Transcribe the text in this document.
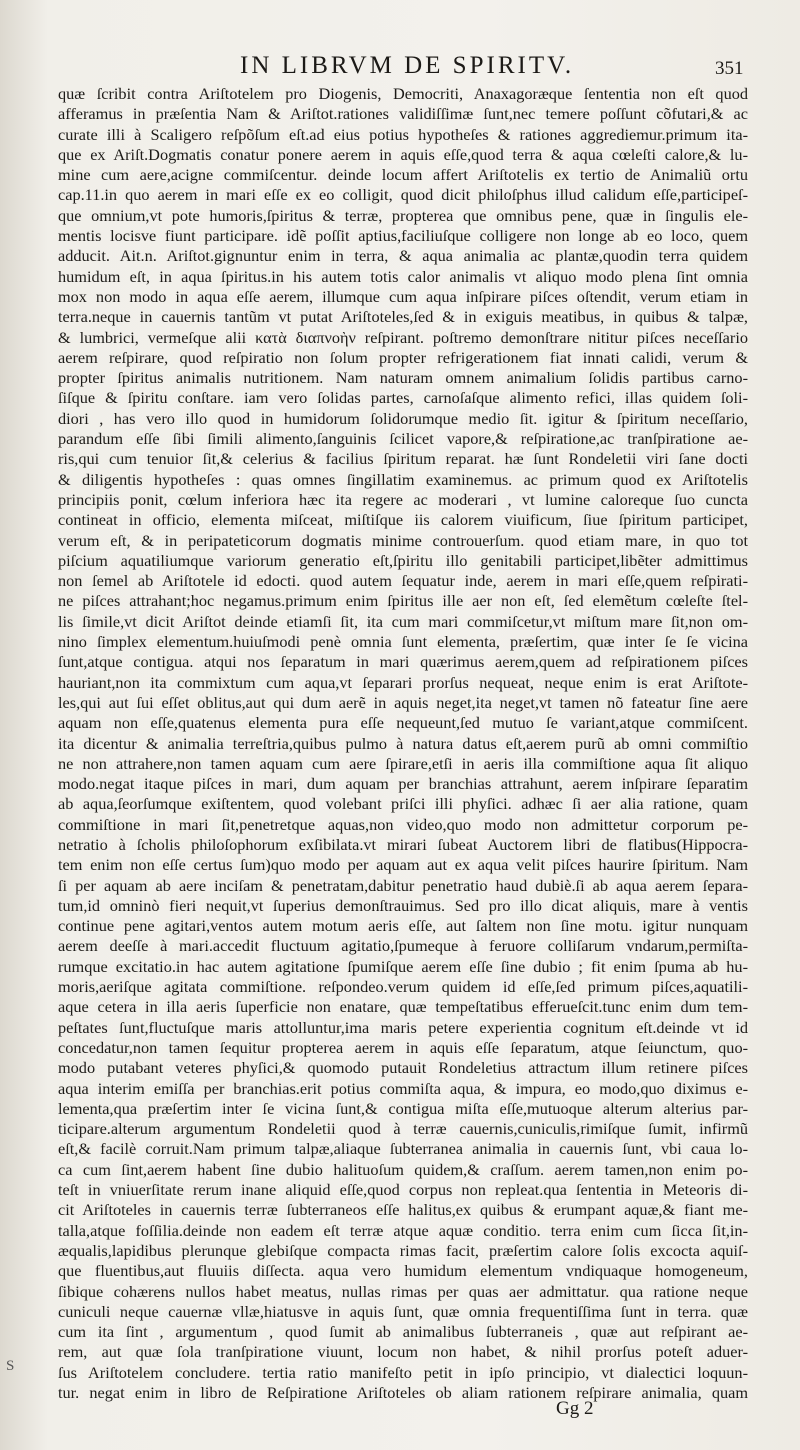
IN LIBRVM DE SPIRITV.	351
quæ ſcribit contra Ariſtotelem pro Diogenis, Democriti, Anaxagoræque ſententia non eſt quod
afferamus in præſentia Nam & Ariſtot.rationes validiſſimæ ſunt,nec temere poſſunt cõfutari,& ac
curate illi à Scaligero reſpõſum eſt.ad eius potius hypotheſes & rationes aggrediemur.primum ita-
que ex Ariſt.Dogmatis conatur ponere aerem in aquis eſſe,quod terra & aqua cœleſti calore,& lu-
mine cum aere,acigne commiſcentur. deinde locum affert Ariſtotelis ex tertio de Animaliũ ortu
cap.11.in quo aerem in mari eſſe ex eo colligit, quod dicit philoſphus illud calidum eſſe,participeſ-
que omnium,vt pote humoris,ſpiritus & terræ, propterea que omnibus pene, quæ in ſingulis ele-
mentis locisve fiunt participare. idẽ poſſit aptius,faciliuſque colligere non longe ab eo loco, quem
adducit. Ait.n. Ariſtot.gignuntur enim in terra, & aqua animalia ac plantæ,quodin terra quidem
humidum eſt, in aqua ſpiritus.in his autem totis calor animalis vt aliquo modo plena ſint omnia
mox non modo in aqua eſſe aerem, illumque cum aqua inſpirare piſces oſtendit, verum etiam in
terra.neque in cauernis tantũm vt putat Ariſtoteles,ſed & in exiguis meatibus, in quibus & talpæ,
& lumbrici, vermeſque alii κατὰ διαπνοὴν reſpirant. poſtremo demonſtrare nititur piſces neceſſario
aerem reſpirare, quod reſpiratio non ſolum propter refrigerationem fiat innati calidi, verum &
propter ſpiritus animalis nutritionem. Nam naturam omnem animalium ſolidis partibus carno-
ſiſque & ſpiritu conſtare. iam vero ſolidas partes, carnoſaſque alimento refici, illas quidem ſoli-
diori , has vero illo quod in humidorum ſolidorumque medio ſit. igitur & ſpiritum neceſſario,
parandum eſſe ſibi ſimili alimento,ſanguinis ſcilicet vapore,& reſpiratione,ac tranſpiratione ae-
ris,qui cum tenuior ſit,& celerius & facilius ſpiritum reparat. hæ ſunt Rondeletii viri ſane docti
& diligentis hypotheſes : quas omnes ſingillatim examinemus. ac primum quod ex Ariſtotelis
principiis ponit, cœlum inferiora hæc ita regere ac moderari , vt lumine caloreque ſuo cuncta
contineat in officio, elementa miſceat, miſtiſque iis calorem viuificum, ſiue ſpiritum participet,
verum eſt, & in peripateticorum dogmatis minime controuerſum. quod etiam mare, in quo tot
piſcium aquatiliumque variorum generatio eſt,ſpiritu illo genitabili participet,libẽter admittimus
non ſemel ab Ariſtotele id edocti. quod autem ſequatur inde, aerem in mari eſſe,quem reſpirati-
ne piſces attrahant;hoc negamus.primum enim ſpiritus ille aer non eſt, ſed elemẽtum cœleſte ſtel-
lis ſimile,vt dicit Ariſtot deinde etiamſi ſit, ita cum mari commiſcetur,vt miſtum mare ſit,non om-
nino ſimplex elementum.huiuſmodi penè omnia ſunt elementa, præſertim, quæ inter ſe ſe vicina
ſunt,atque contigua. atqui nos ſeparatum in mari quærimus aerem,quem ad reſpirationem piſces
hauriant,non ita commixtum cum aqua,vt ſeparari prorſus nequeat, neque enim is erat Ariſtote-
les,qui aut ſui eſſet oblitus,aut qui dum aerẽ in aquis neget,ita neget,vt tamen nõ fateatur ſine aere
aquam non eſſe,quatenus elementa pura eſſe nequeunt,ſed mutuo ſe variant,atque commiſcent.
ita dicentur & animalia terreſtria,quibus pulmo à natura datus eſt,aerem purũ ab omni commiſtio
ne non attrahere,non tamen aquam cum aere ſpirare,etſi in aeris illa commiſtione aqua ſit aliquo
modo.negat itaque piſces in mari, dum aquam per branchias attrahunt, aerem inſpirare ſeparatim
ab aqua,ſeorſumque exiſtentem, quod volebant priſci illi phyſici. adhæc ſi aer alia ratione, quam
commiſtione in mari ſit,penetretque aquas,non video,quo modo non admittetur corporum pe-
netratio à ſcholis philoſophorum exſibilata.vt mirari ſubeat Auctorem libri de flatibus(Hippocra-
tem enim non eſſe certus ſum)quo modo per aquam aut ex aqua velit piſces haurire ſpiritum. Nam
ſi per aquam ab aere inciſam & penetratam,dabitur penetratio haud dubiè.ſi ab aqua aerem ſepara-
tum,id omninò fieri nequit,vt ſuperius demonſtrauimus. Sed pro illo dicat aliquis, mare à ventis
continue pene agitari,ventos autem motum aeris eſſe, aut ſaltem non ſine motu. igitur nunquam
aerem deeſſe à mari.accedit fluctuum agitatio,ſpumeque à feruore colliſarum vndarum,permiſta-
rumque excitatio.in hac autem agitatione ſpumiſque aerem eſſe ſine dubio ; fit enim ſpuma ab hu-
moris,aeriſque agitata commiſtione. reſpondeo.verum quidem id eſſe,ſed primum piſces,aquatili-
aque cetera in illa aeris ſuperficie non enatare, quæ tempeſtatibus efferueſcit.tunc enim dum tem-
peſtates ſunt,fluctuſque maris attolluntur,ima maris petere experientia cognitum eſt.deinde vt id
concedatur,non tamen ſequitur propterea aerem in aquis eſſe ſeparatum, atque ſeiunctum, quo-
modo putabant veteres phyſici,& quomodo putauit Rondeletius attractum illum retinere piſces
aqua interim emiſſa per branchias.erit potius commiſta aqua, & impura, eo modo,quo diximus e-
lementa,qua præſertim inter ſe vicina ſunt,& contigua miſta eſſe,mutuoque alterum alterius par-
ticipare.alterum argumentum Rondeletii quod à terræ cauernis,cuniculis,rimiſque ſumit, infirmũ
eſt,& facilè corruit.Nam primum talpæ,aliaque ſubterranea animalia in cauernis ſunt, vbi caua lo-
ca cum ſint,aerem habent ſine dubio halituoſum quidem,& craſſum. aerem tamen,non enim po-
teſt in vniuerſitate rerum inane aliquid eſſe,quod corpus non repleat.qua ſententia in Meteoris di-
cit Ariſtoteles in cauernis terræ ſubterraneos eſſe halitus,ex quibus & erumpant aquæ,& fiant me-
talla,atque foſſilia.deinde non eadem eſt terræ atque aquæ conditio. terra enim cum ſicca ſit,in-
æqualis,lapidibus plerunque glebiſque compacta rimas facit, præſertim calore ſolis excocta aquiſ-
que fluentibus,aut fluuiis diſſecta. aqua vero humidum elementum vndiquaque homogeneum,
ſibique cohærens nullos habet meatus, nullas rimas per quas aer admittatur. qua ratione neque
cuniculi neque cauernæ vllæ,hiatusve in aquis ſunt, quæ omnia frequentiſſima ſunt in terra. quæ
cum ita ſint , argumentum , quod ſumit ab animalibus ſubterraneis , quæ aut reſpirant ae-
rem, aut quæ ſola tranſpiratione viuunt, locum non habet, & nihil prorſus poteſt aduer-
ſus Ariſtotelem concludere. tertia ratio manifeſto petit in ipſo principio, vt dialectici loquun-
tur. negat enim in libro de Reſpiratione Ariſtoteles ob aliam rationem reſpirare animalia, quam
Gg 2
S
